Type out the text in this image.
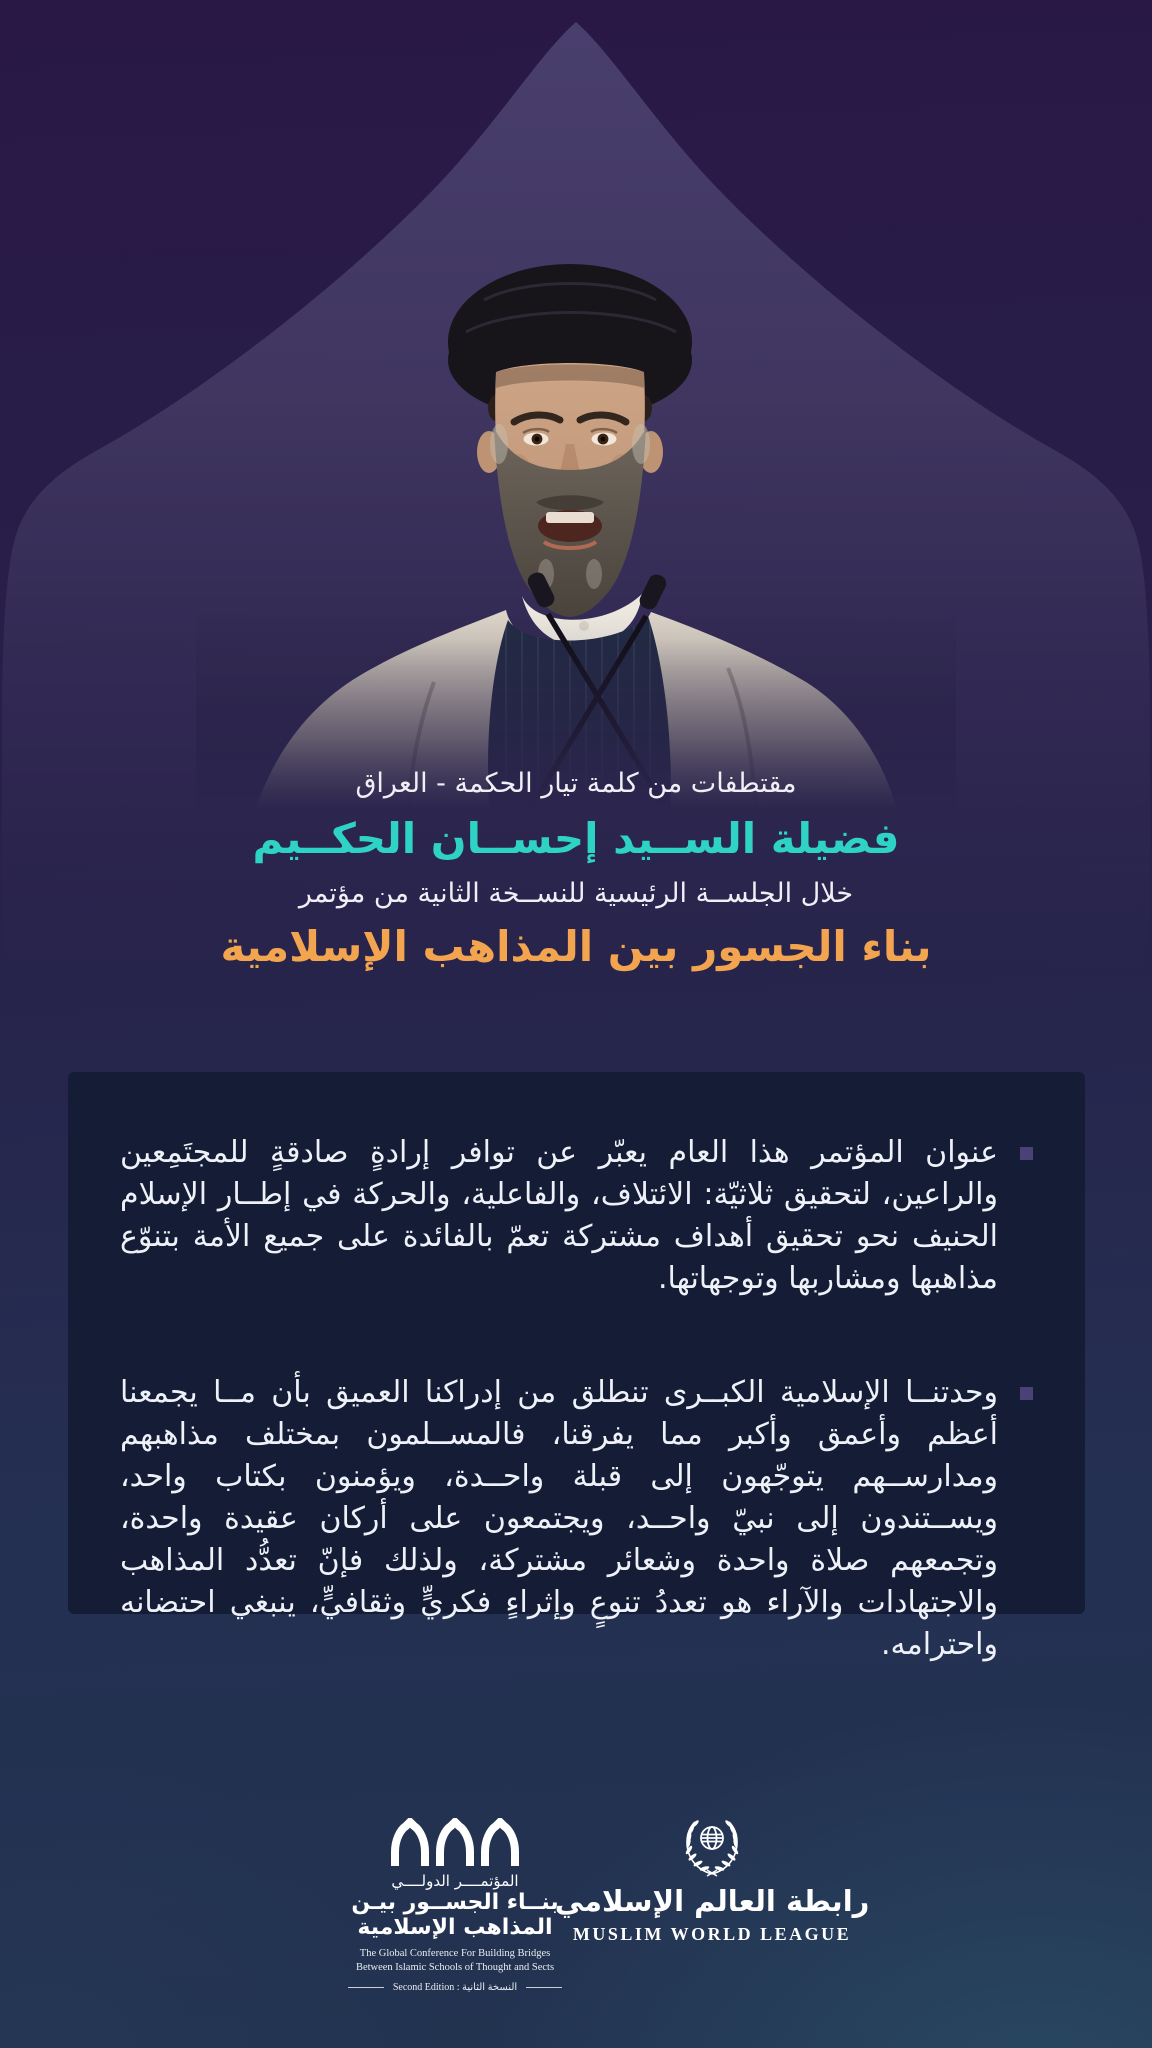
مقتطفات من كلمة تيار الحكمة - العراق
فضيلة الســيد إحســان الحكــيم
خلال الجلســة الرئيسية للنســخة الثانية من مؤتمر
بناء الجسور بين المذاهب الإسلامية

عنوان المؤتمر هذا العام يعبّر عن توافر إرادةٍ صادقةٍ للمجتَمِعين والراعين، لتحقيق ثلاثيّة: الائتلاف، والفاعلية، والحركة في إطــار الإسلام الحنيف نحو تحقيق أهداف مشتركة تعمّ بالفائدة على جميع الأمة بتنوّع مذاهبها ومشاربها وتوجهاتها.

وحدتنــا الإسلامية الكبــرى تنطلق من إدراكنا العميق بأن مــا يجمعنا أعظم وأعمق وأكبر مما يفرقنا، فالمســلمون بمختلف مذاهبهم ومدارســهم يتوجّهون إلى قبلة واحــدة، ويؤمنون بكتاب واحد، ويســتندون إلى نبيّ واحــد، ويجتمعون على أركان عقيدة واحدة، وتجمعهم صلاة واحدة وشعائر مشتركة، ولذلك فإنّ تعدُّد المذاهب والاجتهادات والآراء هو تعددُ تنوعٍ وإثراءٍ فكريٍّ وثقافيٍّ، ينبغي احتضانه واحترامه.

المؤتمــــر الدولــــي
بنــاء الجســور بيـن
المذاهب الإسلامية
The Global Conference For Building Bridges
Between Islamic Schools of Thought and Sects
Second Edition : النسخة الثانية
رابطة العالم الإسلامي
MUSLIM WORLD LEAGUE
